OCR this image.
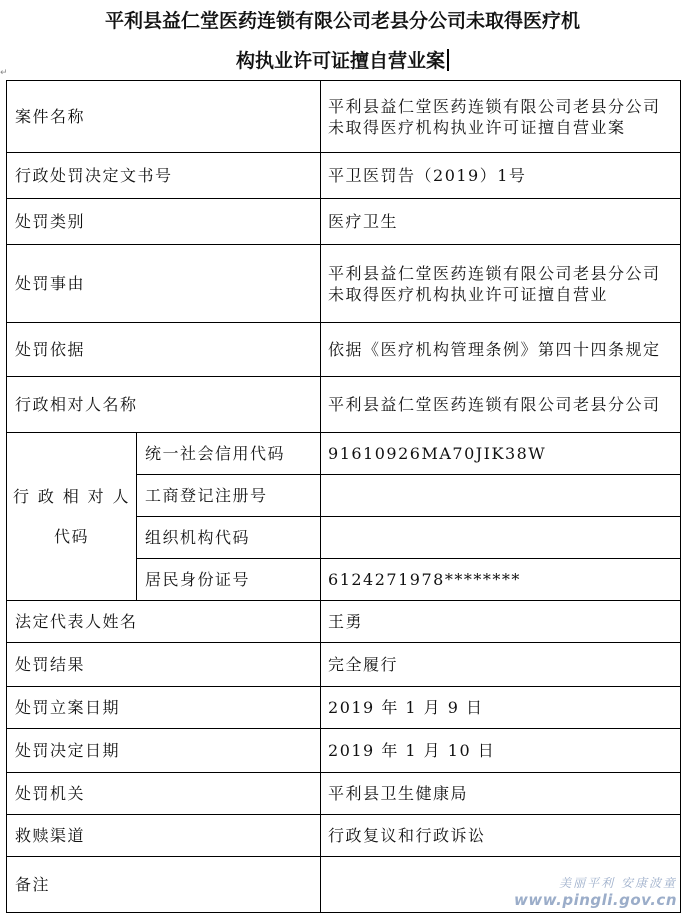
平利县益仁堂医药连锁有限公司老县分公司未取得医疗机
构执业许可证擅自营业案
↵
案件名称		平利县益仁堂医药连锁有限公司老县分公司未取得医疗机构执业许可证擅自营业案
行政处罚决定文书号		平卫医罚告（2019）1号
处罚类别		医疗卫生
处罚事由		平利县益仁堂医药连锁有限公司老县分公司未取得医疗机构执业许可证擅自营业
处罚依据		依据《医疗机构管理条例》第四十四条规定
行政相对人名称		平利县益仁堂医药连锁有限公司老县分公司

行政相对人
代码	统一社会信用代码	91610926MA70JIK38W
	工商登记注册号	
	组织机构代码	
	居民身份证号	6124271978********
法定代表人姓名		王勇
处罚结果		完全履行
处罚立案日期		2019 年 1 月 9 日
处罚决定日期		2019 年 1 月 10 日
处罚机关		平利县卫生健康局
救赎渠道		行政复议和行政诉讼
备注			美丽平利 安康波童
www.pingli.gov.cn
